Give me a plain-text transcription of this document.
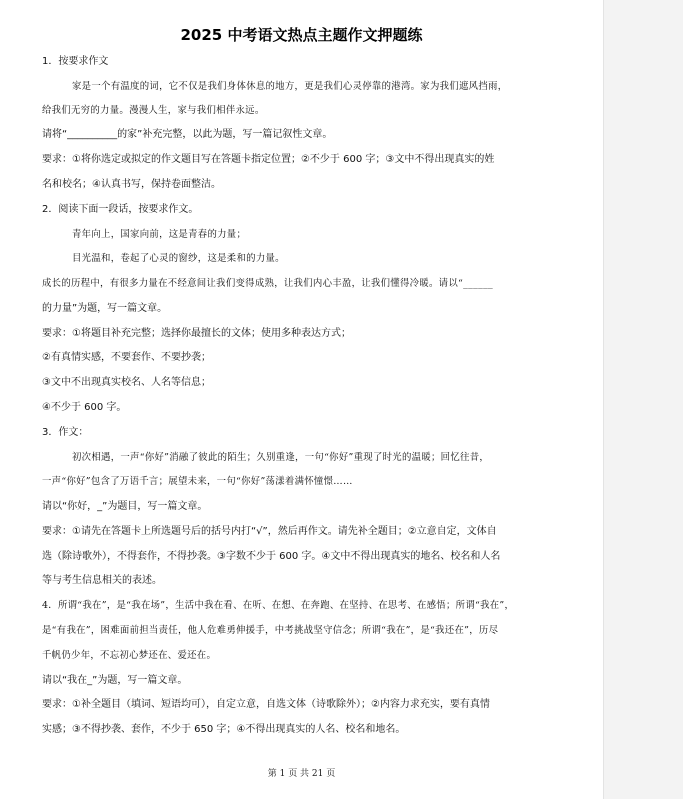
2025 中考语文热点主题作文押题练
1．按要求作文
家是一个有温度的词，它不仅是我们身体休息的地方，更是我们心灵停靠的港湾。家为我们遮风挡雨，
给我们无穷的力量。漫漫人生，家与我们相伴永远。
请将“__________的家”补充完整，以此为题，写一篇记叙性文章。
要求：①将你选定或拟定的作文题目写在答题卡指定位置；②不少于 600 字；③文中不得出现真实的姓
名和校名；④认真书写，保持卷面整洁。
2．阅读下面一段话，按要求作文。
青年向上，国家向前，这是青春的力量；
目光温和，卷起了心灵的窗纱，这是柔和的力量。
成长的历程中，有很多力量在不经意间让我们变得成熟，让我们内心丰盈，让我们懂得冷暖。请以“______
的力量”为题，写一篇文章。
要求：①将题目补充完整；选择你最擅长的文体；使用多种表达方式；
②有真情实感，不要套作、不要抄袭；
③文中不出现真实校名、人名等信息；
④不少于 600 字。
3．作文：
初次相遇，一声“你好”消融了彼此的陌生；久别重逢，一句“你好”重现了时光的温暖；回忆往昔，
一声“你好”包含了万语千言；展望未来，一句“你好”荡漾着满怀憧憬……
请以“你好，_”为题目，写一篇文章。
要求：①请先在答题卡上所选题号后的括号内打“√”，然后再作文。请先补全题目；②立意自定，文体自
选（除诗歌外），不得套作，不得抄袭。③字数不少于 600 字。④文中不得出现真实的地名、校名和人名
等与考生信息相关的表述。
4．所谓“我在”，是“我在场”，生活中我在看、在听、在想、在奔跑、在坚持、在思考、在感悟；所谓“我在”，
是“有我在”，困难面前担当责任，他人危难勇伸援手，中考挑战坚守信念；所谓“我在”，是“我还在”，历尽
千帆仍少年，不忘初心梦还在、爱还在。
请以“我在_”为题，写一篇文章。
要求：①补全题目（填词、短语均可），自定立意，自选文体（诗歌除外）；②内容力求充实，要有真情
实感；③不得抄袭、套作，不少于 650 字；④不得出现真实的人名、校名和地名。
第 1 页 共 21 页
